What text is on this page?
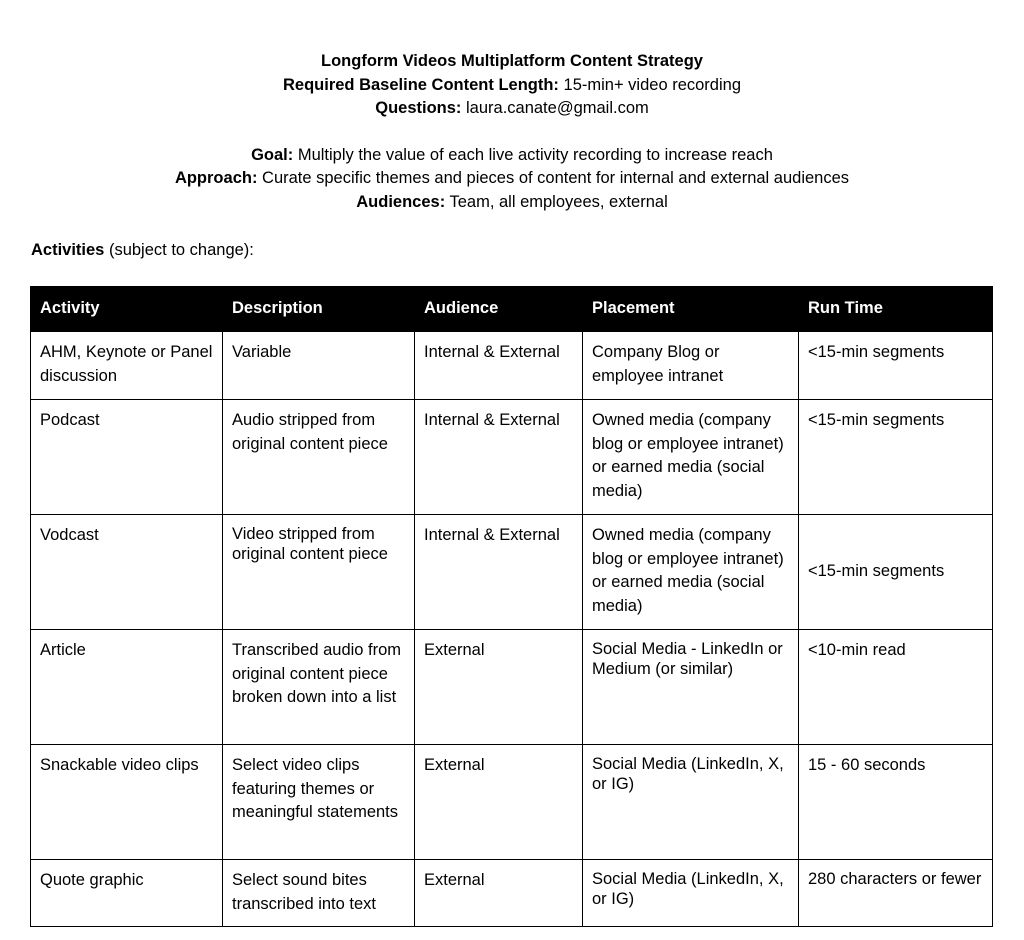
Longform Videos Multiplatform Content Strategy
Required Baseline Content Length: 15-min+ video recording
Questions: laura.canate@gmail.com
Goal: Multiply the value of each live activity recording to increase reach
Approach: Curate specific themes and pieces of content for internal and external audiences
Audiences: Team, all employees, external
Activities (subject to change):
Activity	Description	Audience	Placement	Run Time
AHM, Keynote or Panel discussion	Variable	Internal & External	Company Blog or employee intranet	<15-min segments
Podcast	Audio stripped from original content piece	Internal & External	Owned media (company blog or employee intranet) or earned media (social media)	<15-min segments
Vodcast	Video stripped from original content piece	Internal & External	Owned media (company blog or employee intranet) or earned media (social media)	<15-min segments
Article	Transcribed audio from original content piece broken down into a list	External	Social Media - LinkedIn or Medium (or similar)	<10-min read
Snackable video clips	Select video clips featuring themes or meaningful statements	External	Social Media (LinkedIn, X, or IG)	15 - 60 seconds
Quote graphic	Select sound bites transcribed into text	External	Social Media (LinkedIn, X, or IG)	280 characters or fewer
